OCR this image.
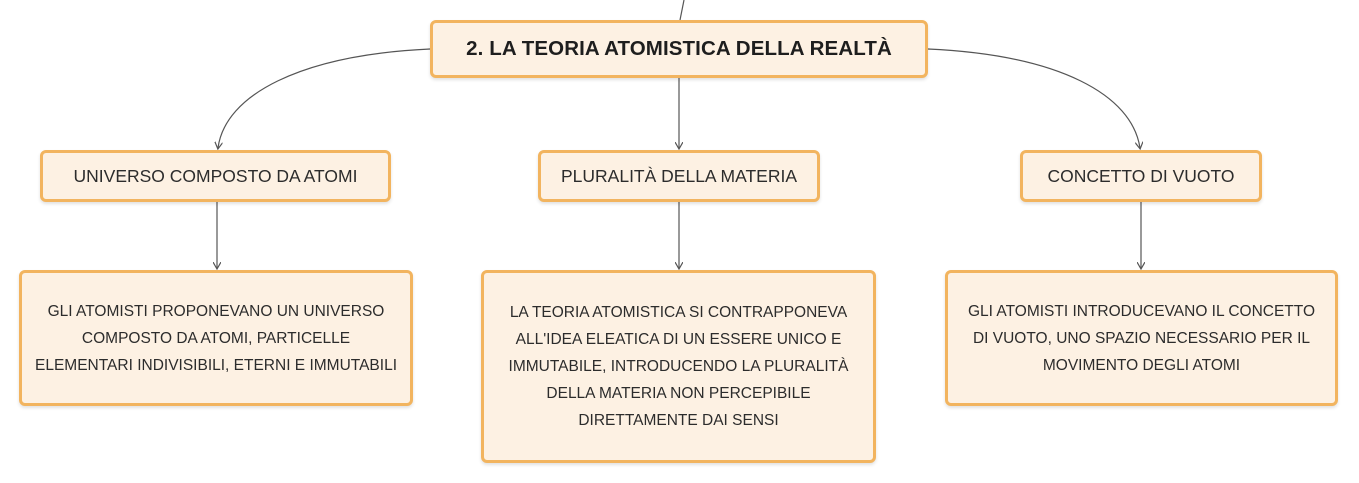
2. LA TEORIA ATOMISTICA DELLA REALTÀ
UNIVERSO COMPOSTO DA ATOMI	PLURALITÀ DELLA MATERIA	CONCETTO DI VUOTO
GLI ATOMISTI PROPONEVANO UN UNIVERSO COMPOSTO DA ATOMI, PARTICELLE ELEMENTARI INDIVISIBILI, ETERNI E IMMUTABILI
LA TEORIA ATOMISTICA SI CONTRAPPONEVA ALL'IDEA ELEATICA DI UN ESSERE UNICO E IMMUTABILE, INTRODUCENDO LA PLURALITÀ DELLA MATERIA NON PERCEPIBILE DIRETTAMENTE DAI SENSI
GLI ATOMISTI INTRODUCEVANO IL CONCETTO DI VUOTO, UNO SPAZIO NECESSARIO PER IL MOVIMENTO DEGLI ATOMI
